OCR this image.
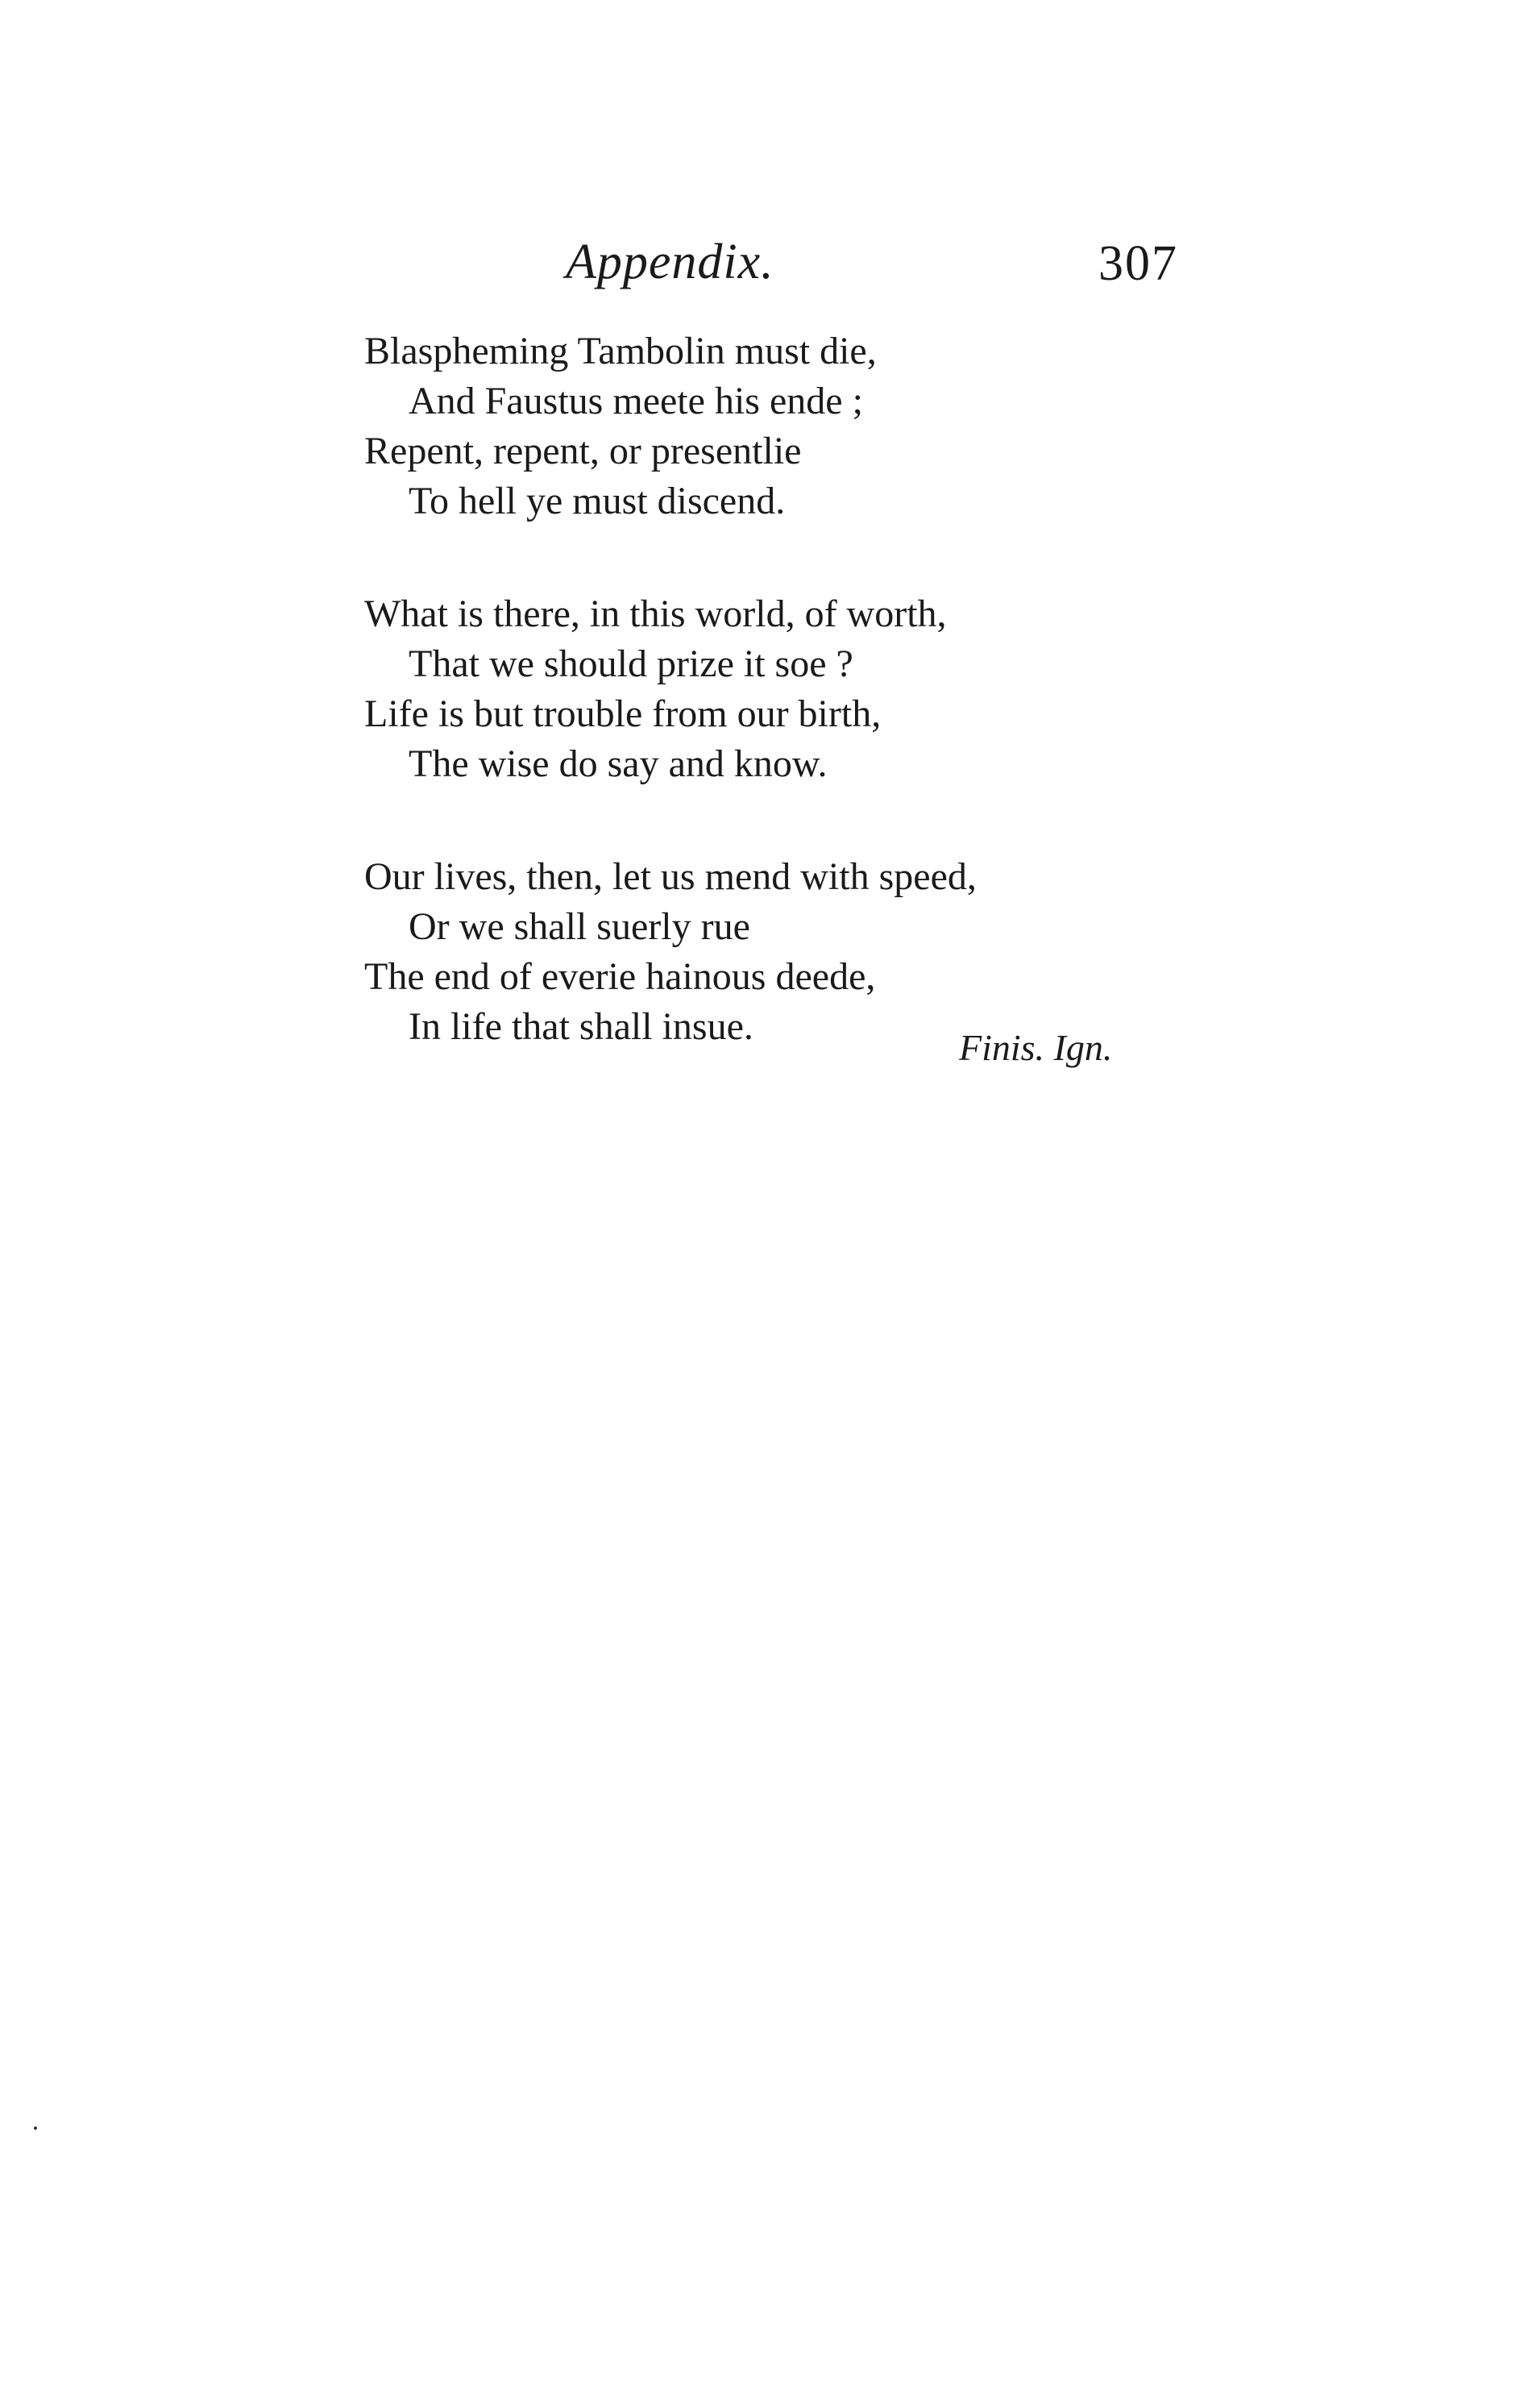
Appendix.	307
Blaspheming Tambolin must die,
And Faustus meete his ende ;
Repent, repent, or presentlie
To hell ye must discend.
What is there, in this world, of worth,
That we should prize it soe ?
Life is but trouble from our birth,
The wise do say and know.
Our lives, then, let us mend with speed,
Or we shall suerly rue
The end of everie hainous deede,
In life that shall insue.	Finis. Ign.
